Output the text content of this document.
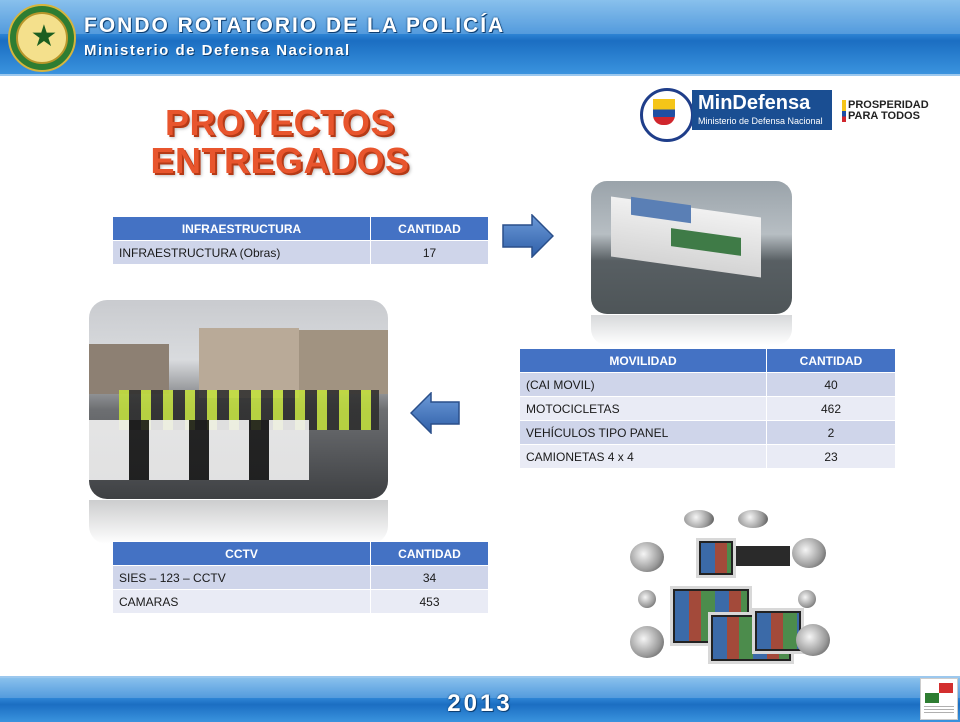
★	FONDO ROTATORIO DE LA POLICÍA
Ministerio de Defensa Nacional
MinDefensa
Ministerio de Defensa Nacional
PROSPERIDAD
PARA TODOS
PROYECTOS
ENTREGADOS
INFRAESTRUCTURA	CANTIDAD
INFRAESTRUCTURA (Obras)	17
MOVILIDAD	CANTIDAD
(CAI MOVIL)	40
MOTOCICLETAS	462
VEHÍCULOS TIPO PANEL	2
CAMIONETAS 4 x 4	23
CCTV	CANTIDAD
SIES – 123 – CCTV	34
CAMARAS	453
2013
